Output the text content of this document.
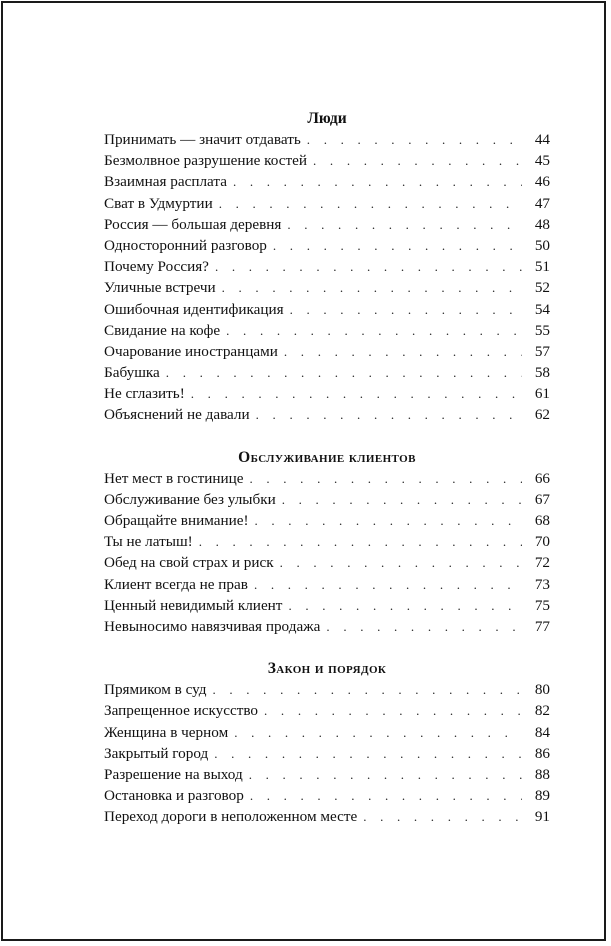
Люди
Принимать — значит отдавать . . .	44
Безмолвное разрушение костей . . .	45
Взаимная расплата . . .	46
Сват в Удмуртии . . .	47
Россия — большая деревня . . .	48
Односторонний разговор . . .	50
Почему Россия? . . .	51
Уличные встречи . . .	52
Ошибочная идентификация . . .	54
Свидание на кофе . . .	55
Очарование иностранцами . . .	57
Бабушка . . .	58
Не сглазить! . . .	61
Объяснений не давали . . .	62
Обслуживание клиентов
Нет мест в гостинице . . .	66
Обслуживание без улыбки . . .	67
Обращайте внимание! . . .	68
Ты не латыш! . . .	70
Обед на свой страх и риск . . .	72
Клиент всегда не прав . . .	73
Ценный невидимый клиент . . .	75
Невыносимо навязчивая продажа . . .	77
Закон и порядок
Прямиком в суд . . .	80
Запрещенное искусство . . .	82
Женщина в черном . . .	84
Закрытый город . . .	86
Разрешение на выход . . .	88
Остановка и разговор . . .	89
Переход дороги в неположенном месте . . .	91
